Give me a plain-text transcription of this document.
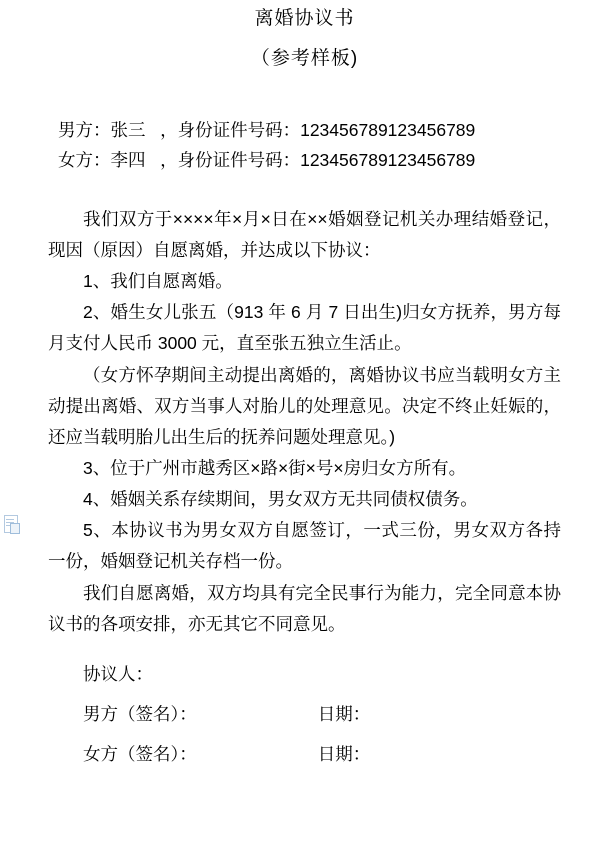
离婚协议书
（参考样板)
男方：张三   ，身份证件号码：123456789123456789
女方：李四   ，身份证件号码：123456789123456789

我们双方于××××年×月×日在××婚姻登记机关办理结婚登记，现因（原因）自愿离婚，并达成以下协议：

1、我们自愿离婚。

2、婚生女儿张五（913 年 6 月 7 日出生)归女方抚养，男方每月支付人民币 3000 元，直至张五独立生活止。

（女方怀孕期间主动提出离婚的，离婚协议书应当载明女方主动提出离婚、双方当事人对胎儿的处理意见。决定不终止妊娠的，还应当载明胎儿出生后的抚养问题处理意见。)

3、位于广州市越秀区×路×街×号×房归女方所有。

4、婚姻关系存续期间，男女双方无共同债权债务。

5、本协议书为男女双方自愿签订，一式三份，男女双方各持一份，婚姻登记机关存档一份。

我们自愿离婚，双方均具有完全民事行为能力，完全同意本协议书的各项安排，亦无其它不同意见。

协议人：
男方（签名）：	日期：
女方（签名）：	日期：
